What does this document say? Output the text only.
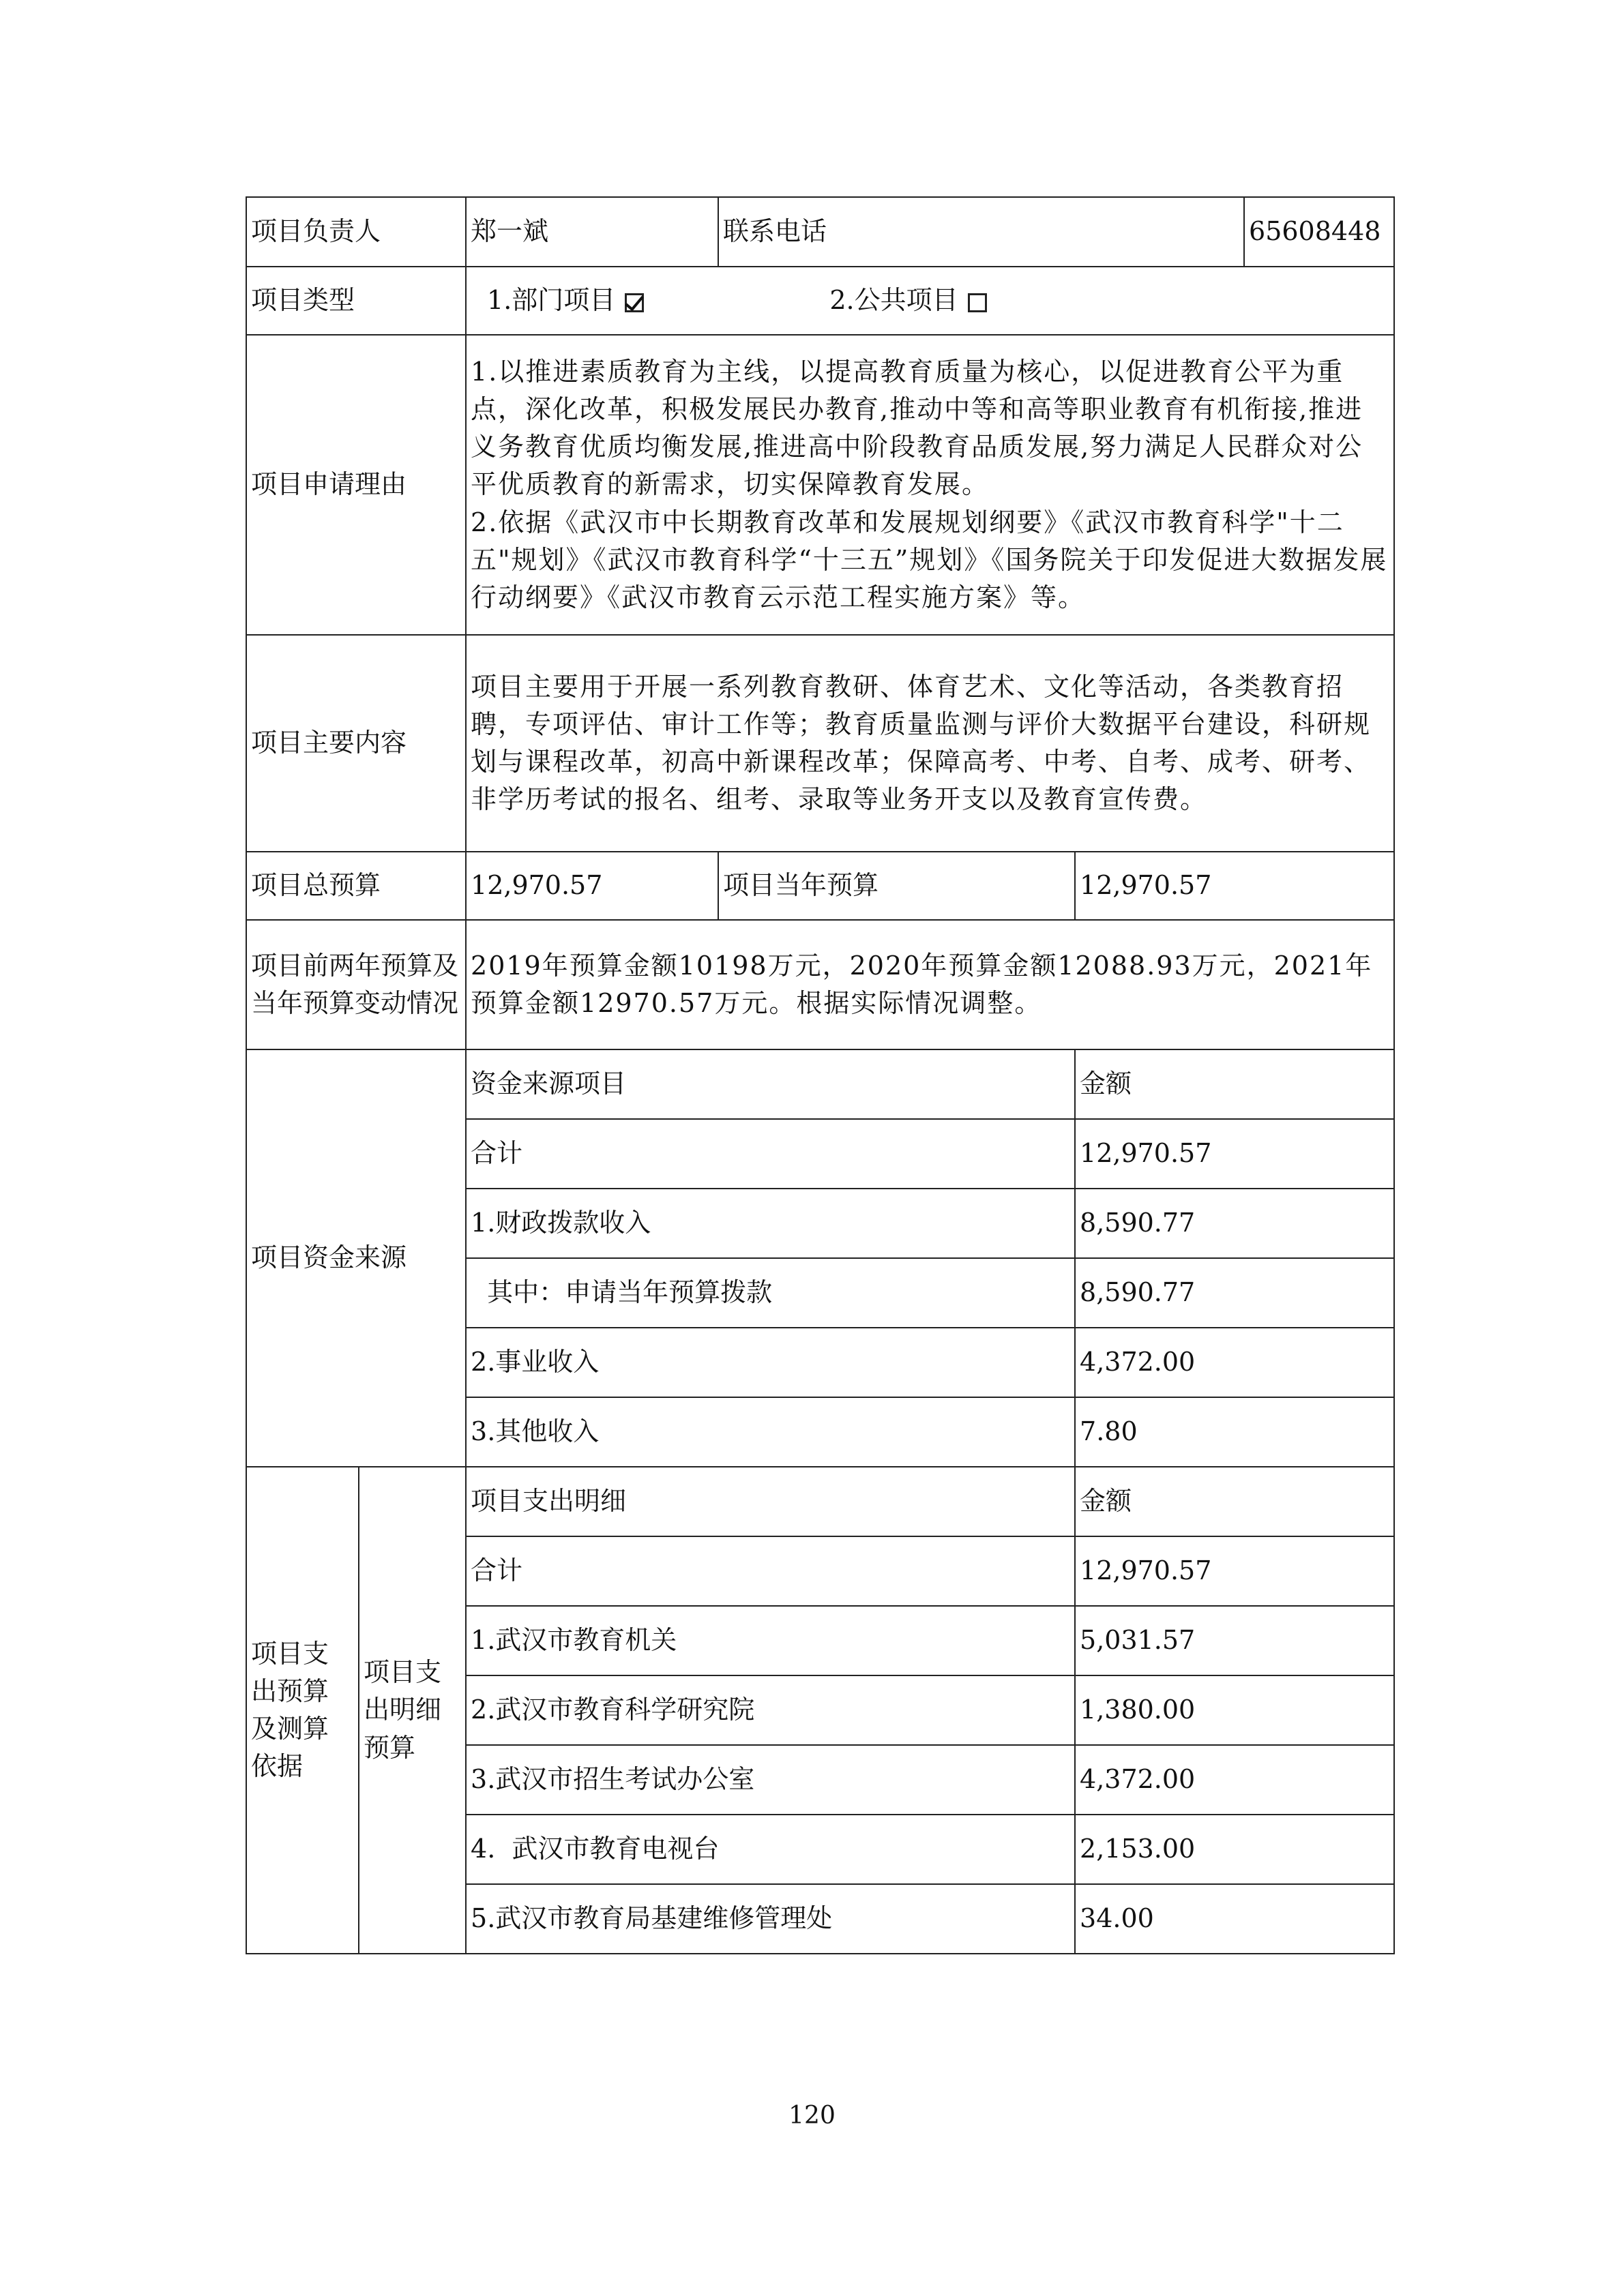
项目负责人		郑一斌	联系电话		65608448
项目类型		1.部门项目 2.公共项目			
项目申请理由		1.以推进素质教育为主线，以提高教育质量为核心，以促进教育公平为重点，深化改革，积极发展民办教育,推动中等和高等职业教育有机衔接,推进义务教育优质均衡发展,推进高中阶段教育品质发展,努力满足人民群众对公平优质教育的新需求，切实保障教育发展。
2.依据《武汉市中长期教育改革和发展规划纲要》《武汉市教育科学"十二五"规划》《武汉市教育科学“十三五”规划》《国务院关于印发促进大数据发展行动纲要》《武汉市教育云示范工程实施方案》等。			
项目主要内容		项目主要用于开展一系列教育教研、体育艺术、文化等活动，各类教育招聘，专项评估、审计工作等；教育质量监测与评价大数据平台建设，科研规划与课程改革，初高中新课程改革；保障高考、中考、自考、成考、研考、非学历考试的报名、组考、录取等业务开支以及教育宣传费。			
项目总预算		12,970.57	项目当年预算	12,970.57	
项目前两年预算及当年预算变动情况		2019年预算金额10198万元，2020年预算金额12088.93万元，2021年预算金额12970.57万元。根据实际情况调整。			
项目资金来源		资金来源项目		金额	
		合计		12,970.57	
		1.财政拨款收入		8,590.77	
		其中：申请当年预算拨款		8,590.77	
		2.事业收入		4,372.00	
		3.其他收入		7.80	
项目支出预算及测算依据	项目支出明细预算	项目支出明细		金额	
		合计		12,970.57	
		1.武汉市教育机关		5,031.57	
		2.武汉市教育科学研究院		1,380.00	
		3.武汉市招生考试办公室		4,372.00	
		4.  武汉市教育电视台		2,153.00	
		5.武汉市教育局基建维修管理处		34.00	
120
